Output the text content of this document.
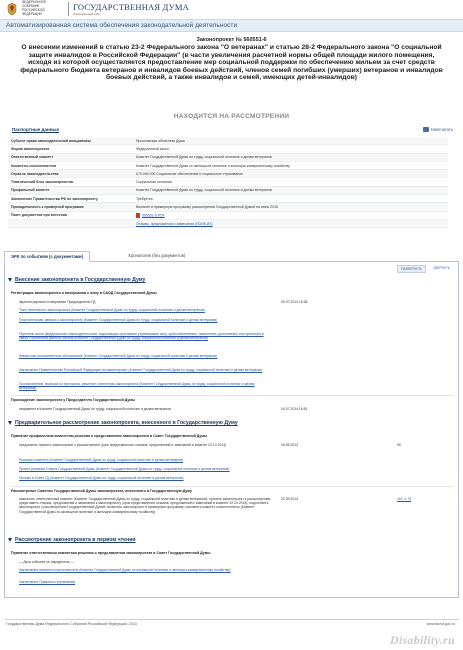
ФЕДЕРАЛЬНОЕ СОБРАНИЕ
РОССИЙСКОЙ ФЕДЕРАЦИИ
ГОСУДАРСТВЕННАЯ ДУМА
Официальный сайт
Автоматизированная система обеспечения законодательной деятельности
Законопроект № 560551-6
О внесении изменений в статью 23-2 Федерального закона "О ветеранах" и статью 28-2 Федерального закона "О социальной защите инвалидов в Российской Федерации" (в части увеличения расчетной нормы общей площади жилого помещения, исходя из которой осуществляется предоставление мер социальной поддержки по обеспечению жильем за счет средств федерального бюджета ветеранов и инвалидов боевых действий, членов семей погибших (умерших) ветеранов и инвалидов боевых действий, а также инвалидов и семей, имеющих детей-инвалидов)
НАХОДИТСЯ НА РАССМОТРЕНИИ
Паспортные данные	Напечатать
Субъект права законодательной инициативы	Ярославская областная Дума
Форма законопроекта	Федеральный закон
Ответственный комитет	Комитет Государственной Думы по труду, социальной политике и делам ветеранов
Комитеты-соисполнители	Комитет Государственной Думы по жилищной политике и жилищно-коммунальному хозяйству
Отрасль законодательства	070.060.000 Социальное обеспечение и социальное страхование
Тематический блок законопроектов	Социальная политика
Профильный комитет	Комитет Государственной Думы по труду, социальной политике и делам ветеранов
Заключение Правительства РФ по законопроекту	Требуется
Принадлежность к примерной программе	Включен в примерную программу рассмотрения Государственной Думой на июнь 2015
Пакет документов при внесении	560551-6.PDF
Отзывы, предложения и замечания (ПОИК.ИЗ)
ЭРК по событиям (с документами)	Хронология (без документов)
РАЗВЕРНУТЬ	СВЕРНУТЬ
Внесение законопроекта в Государственную Думу
Регистрация законопроекта и материалов к нему в САОД Государственной Думы
зарегистрирован и направлен Председателю ГД	03.07.2014 15:38
Текст внесенного законопроекта (Комитет Государственной Думы по труду, социальной политике и делам ветеранов)
Пояснительная записка к законопроекту (Комитет Государственной Думы по труду, социальной политике и делам ветеранов)
Перечень актов федерального законодательства, подлежащих признанию утратившими силу, приостановлению, изменению, дополнению или принятию в связи с принятием данного закона (Комитет Государственной Думы по труду, социальной политике и делам ветеранов)
Финансово-экономическое обоснование (Комитет Государственной Думы по труду, социальной политике и делам ветеранов)
Заключение Правительства Российской Федерации на законопроект (Комитет Государственной Думы по труду, социальной политике и делам ветеранов)
Постановление, выписка из протокола, решение о внесении законопроекта (Комитет Государственной Думы по труду, социальной политике и делам ветеранов)
Прохождение законопроекта у Председателя Государственной Думы
направлен в Комитет Государственной Думы по труду, социальной политике и делам ветеранов	04.07.2014 16:51
Предварительное рассмотрение законопроекта, внесенного в Государственную Думу
Принятие профильным комитетом решения о представлении законопроекта в Совет Государственной Думы
предложить принять законопроект к рассмотрению (срок представления отзывов, предложений и замечаний в комитет 22.10.2014)	16.09.2014	99
Решение комитета (Комитет Государственной Думы по труду, социальной политике и делам ветеранов)
Проект решения Совета Государственной Думы (Комитет Государственной Думы по труду, социальной политике и делам ветеранов)
Письмо в Совет ГД (Комитет Государственной Думы по труду, социальной политике и делам ветеранов)
Рассмотрение Советом Государственной Думы законопроекта, внесенного в Государственную Думу
назначить ответственный комитет (Комитет Государственной Думы по труду, социальной политике и делам ветеранов); принять законопроект к рассмотрению; представить отзывы, предложения и замечания к законопроекту (срок представления отзывов, предложений и замечаний в комитет 22.10.2014); подготовить законопроект к рассмотрению Государственной Думой; включить законопроект в примерную программу; назначить комитет-соисполнитель (Комитет Государственной Думы по жилищной политике и жилищно-коммунальному хозяйству)
22.09.2014	161, п.73
Рассмотрение законопроекта в первом чтении
Принятие ответственным комитетом решения о представлении законопроекта в Совет Государственной Думы
— Дата события не определена —
Заключение комитета-соисполнителя (Комитет Государственной Думы по жилищной политике и жилищно-коммунальному хозяйству)
Заключение Правового управления
Государственная Дума Федерального Собрания Российской Федерации, 2015	www.duma.gov.ru
Disability.ru
